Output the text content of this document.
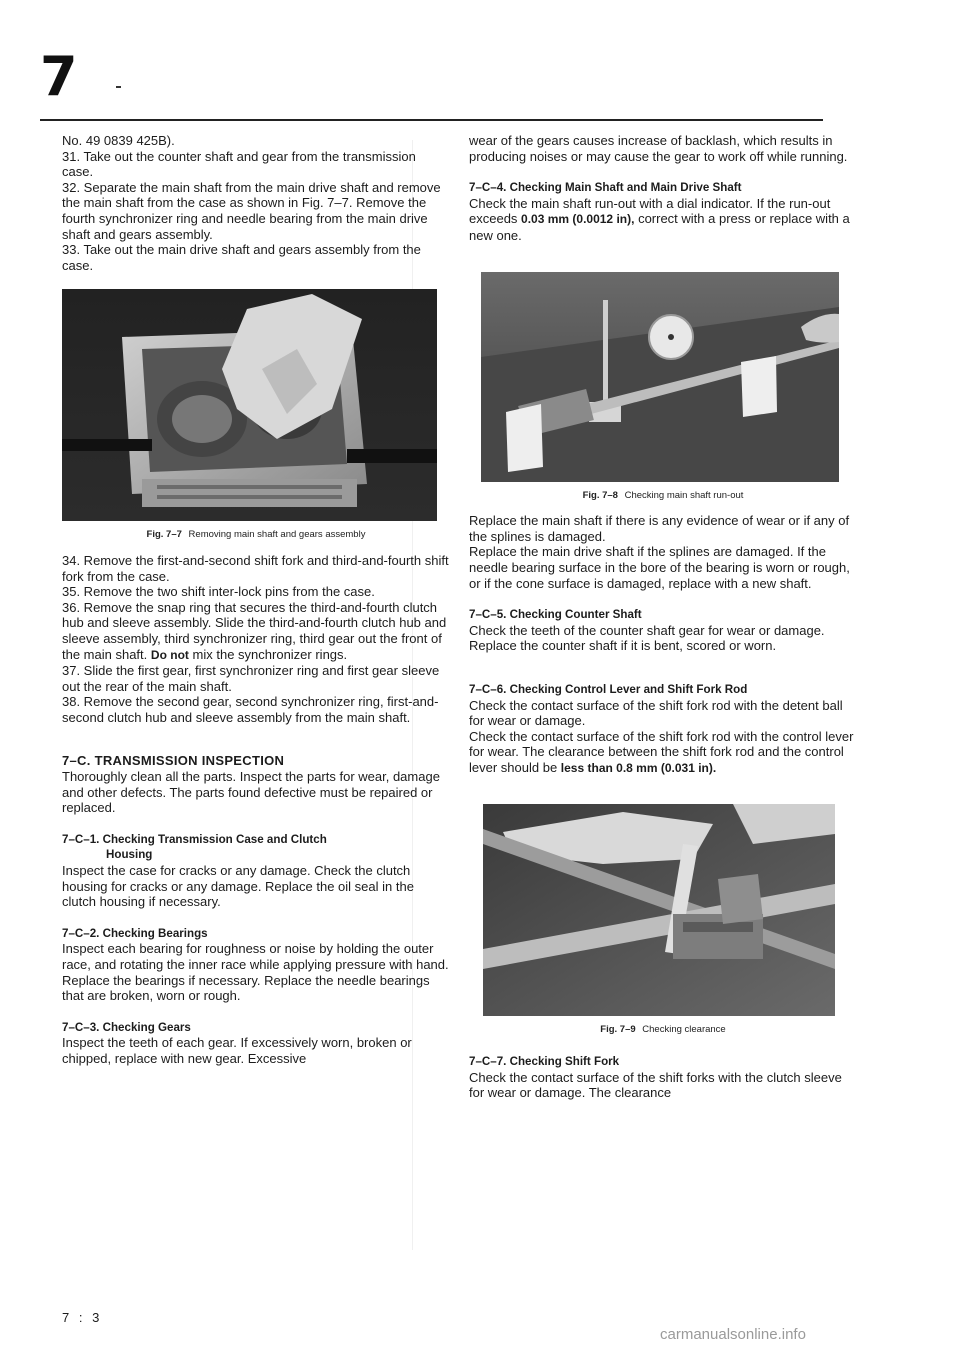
7

No. 49 0839 425B).

31. Take out the counter shaft and gear from the transmission case.

32. Separate the main shaft from the main drive shaft and remove the main shaft from the case as shown in Fig. 7–7. Remove the fourth synchronizer ring and needle bearing from the main drive shaft and gears assembly.

33. Take out the main drive shaft and gears assembly from the case.

Fig. 7–7 Removing main shaft and gears assembly

34. Remove the first-and-second shift fork and third-and-fourth shift fork from the case.

35. Remove the two shift inter-lock pins from the case.

36. Remove the snap ring that secures the third-and-fourth clutch hub and sleeve assembly. Slide the third-and-fourth clutch hub and sleeve assembly, third synchronizer ring, third gear out the front of the main shaft. Do not mix the synchronizer rings.

37. Slide the first gear, first synchronizer ring and first gear sleeve out the rear of the main shaft.

38. Remove the second gear, second synchronizer ring, first-and-second clutch hub and sleeve assembly from the main shaft.

7–C. TRANSMISSION INSPECTION

Thoroughly clean all the parts. Inspect the parts for wear, damage and other defects. The parts found defective must be repaired or replaced.

7–C–1. Checking Transmission Case and Clutch

Housing

Inspect the case for cracks or any damage. Check the clutch housing for cracks or any damage. Replace the oil seal in the clutch housing if necessary.

7–C–2. Checking Bearings

Inspect each bearing for roughness or noise by holding the outer race, and rotating the inner race while applying pressure with hand. Replace the bearings if necessary. Replace the needle bearings that are broken, worn or rough.

7–C–3. Checking Gears

Inspect the teeth of each gear. If excessively worn, broken or chipped, replace with new gear. Excessive

wear of the gears causes increase of backlash, which results in producing noises or may cause the gear to work off while running.

7–C–4. Checking Main Shaft and Main Drive Shaft

Check the main shaft run-out with a dial indicator. If the run-out exceeds 0.03 mm (0.0012 in), correct with a press or replace with a new one.

Fig. 7–8 Checking main shaft run-out

Replace the main shaft if there is any evidence of wear or if any of the splines is damaged.

Replace the main drive shaft if the splines are damaged. If the needle bearing surface in the bore of the bearing is worn or rough, or if the cone surface is damaged, replace with a new shaft.

7–C–5. Checking Counter Shaft

Check the teeth of the counter shaft gear for wear or damage. Replace the counter shaft if it is bent, scored or worn.

7–C–6. Checking Control Lever and Shift Fork Rod

Check the contact surface of the shift fork rod with the detent ball for wear or damage.

Check the contact surface of the shift fork rod with the control lever for wear. The clearance between the shift fork rod and the control lever should be less than 0.8 mm (0.031 in).

Fig. 7–9 Checking clearance

7–C–7. Checking Shift Fork

Check the contact surface of the shift forks with the clutch sleeve for wear or damage. The clearance

7 : 3
carmanualsonline.info
